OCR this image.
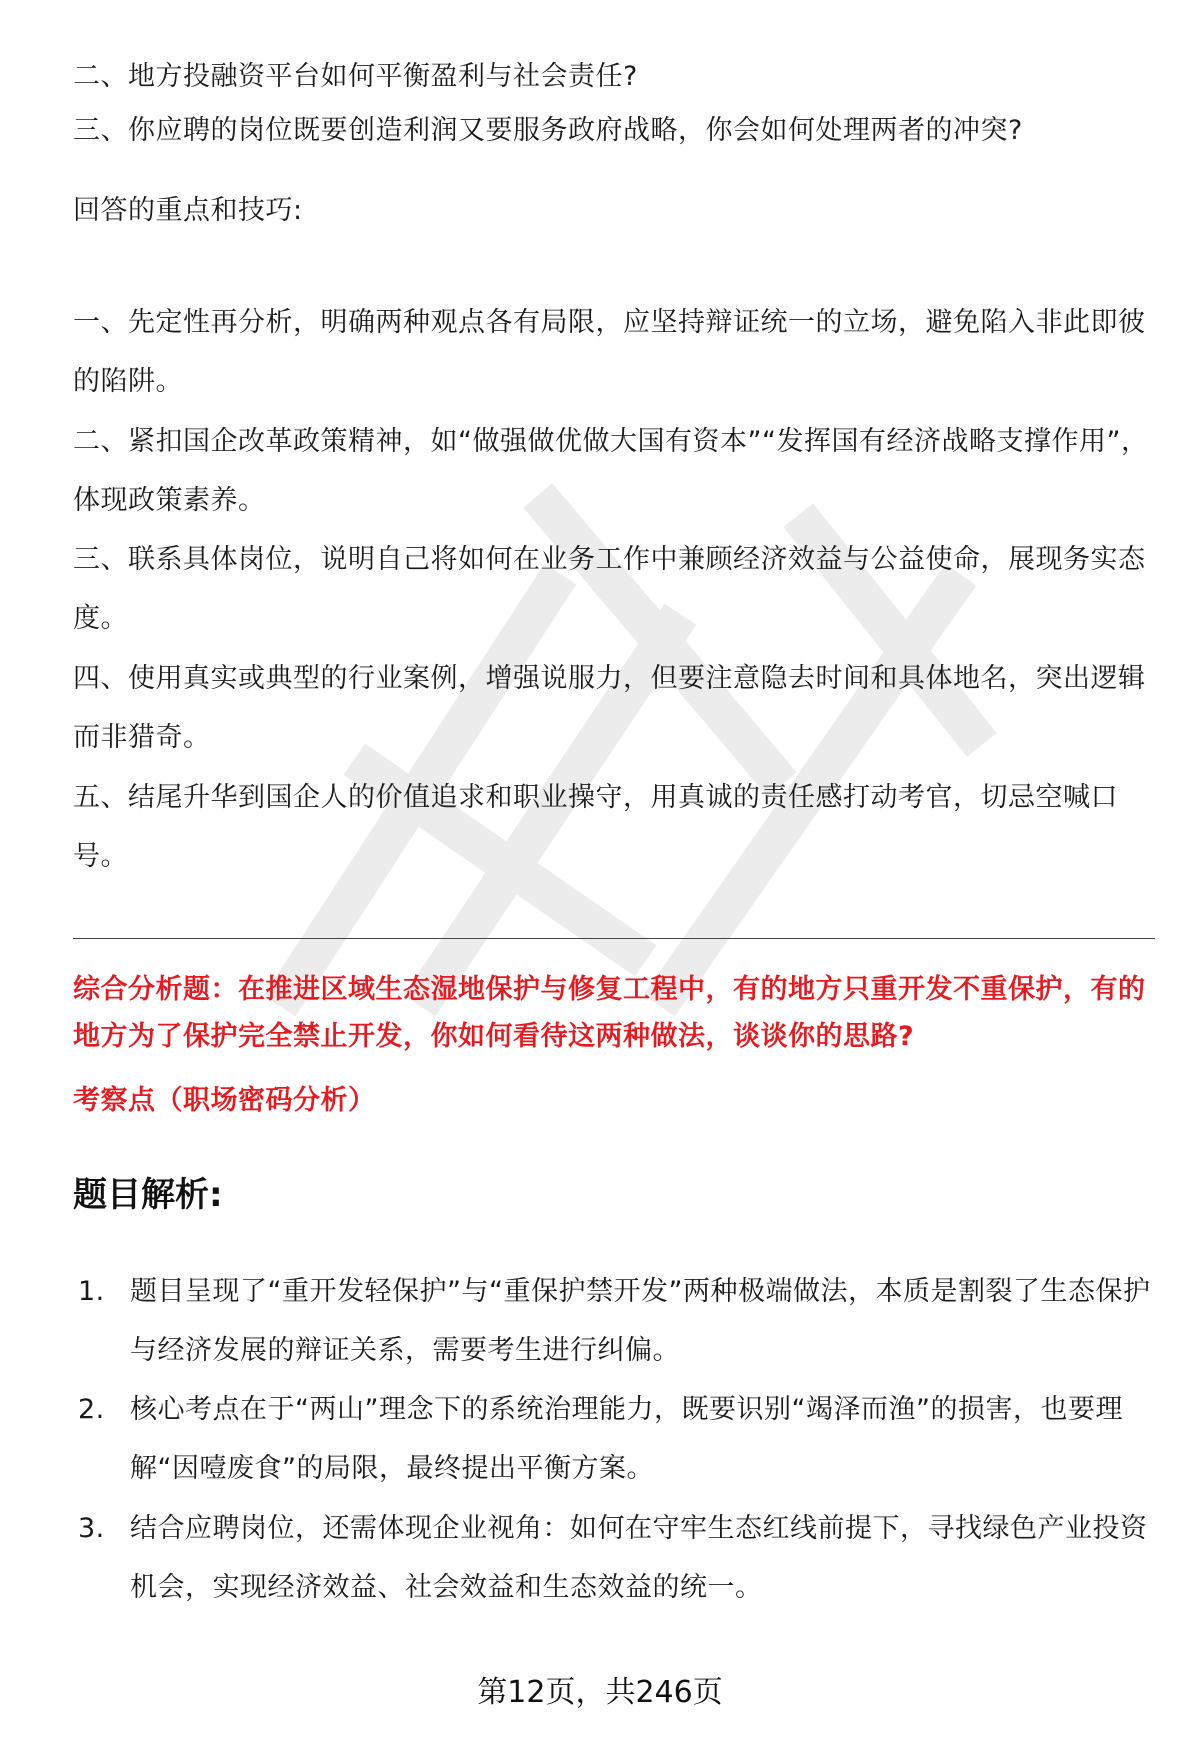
二、地方投融资平台如何平衡盈利与社会责任?

三、你应聘的岗位既要创造利润又要服务政府战略，你会如何处理两者的冲突?

回答的重点和技巧:

一、先定性再分析，明确两种观点各有局限，应坚持辩证统一的立场，避免陷入非此即彼的陷阱。

二、紧扣国企改革政策精神，如“做强做优做大国有资本”“发挥国有经济战略支撑作用”，体现政策素养。

三、联系具体岗位，说明自己将如何在业务工作中兼顾经济效益与公益使命，展现务实态度。

四、使用真实或典型的行业案例，增强说服力，但要注意隐去时间和具体地名，突出逻辑而非猎奇。

五、结尾升华到国企人的价值追求和职业操守，用真诚的责任感打动考官，切忌空喊口号。

综合分析题：在推进区域生态湿地保护与修复工程中，有的地方只重开发不重保护，有的地方为了保护完全禁止开发，你如何看待这两种做法，谈谈你的思路?

考察点（职场密码分析）

题目解析:

1. 题目呈现了“重开发轻保护”与“重保护禁开发”两种极端做法，本质是割裂了生态保护与经济发展的辩证关系，需要考生进行纠偏。
2. 核心考点在于“两山”理念下的系统治理能力，既要识别“竭泽而渔”的损害，也要理解“因噎废食”的局限，最终提出平衡方案。
3. 结合应聘岗位，还需体现企业视角：如何在守牢生态红线前提下，寻找绿色产业投资机会，实现经济效益、社会效益和生态效益的统一。

第12页，共246页
